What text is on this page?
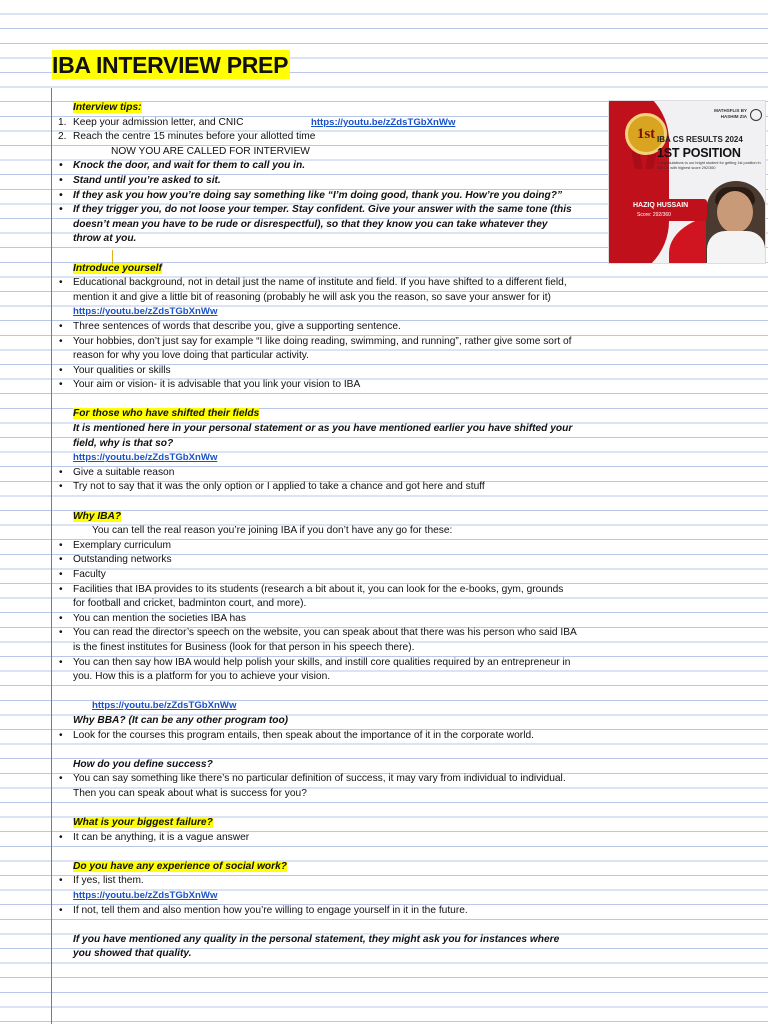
IBA INTERVIEW PREP
1st
MATHSFLIX BY HASHIM ZIA
IBA CS RESULTS 2024
1ST POSITION
Congratulations to our bright student for getting 1st position in IBA CS with highest score 292/360
HAZIQ HUSSAIN
Score: 292/360
Interview tips:
1. Keep your admission letter, and CNIC	https://youtu.be/zZdsTGbXnWw
2. Reach the centre 15 minutes before your allotted time
NOW YOU ARE CALLED FOR INTERVIEW
• Knock the door, and wait for them to call you in.
• Stand until you’re asked to sit.
• If they ask you how you’re doing say something like “I’m doing good, thank you. How’re you doing?”
• If they trigger you, do not loose your temper. Stay confident. Give your answer with the same tone (this doesn’t mean you have to be rude or disrespectful), so that they know you can take whatever they throw at you.
Introduce yourself
• Educational background, not in detail just the name of institute and field. If you have shifted to a different field, mention it and give a little bit of reasoning (probably he will ask you the reason, so save your answer for it)
https://youtu.be/zZdsTGbXnWw
• Three sentences of words that describe you, give a supporting sentence.
• Your hobbies, don’t just say for example “I like doing reading, swimming, and running”, rather give some sort of reason for why you love doing that particular activity.
• Your qualities or skills
• Your aim or vision- it is advisable that you link your vision to IBA
For those who have shifted their fields
It is mentioned here in your personal statement or as you have mentioned earlier you have shifted your field, why is that so?
https://youtu.be/zZdsTGbXnWw
• Give a suitable reason
• Try not to say that it was the only option or I applied to take a chance and got here and stuff
Why IBA?
You can tell the real reason you’re joining IBA if you don’t have any go for these:
• Exemplary curriculum
• Outstanding networks
• Faculty
• Facilities that IBA provides to its students (research a bit about it, you can look for the e-books, gym, grounds for football and cricket, badminton court, and more).
• You can mention the societies IBA has
• You can read the director’s speech on the website, you can speak about that there was his person who said IBA is the finest institutes for Business (look for that person in his speech there).
• You can then say how IBA would help polish your skills, and instill core qualities required by an entrepreneur in you. How this is a platform for you to achieve your vision.
https://youtu.be/zZdsTGbXnWw
Why BBA? (It can be any other program too)
• Look for the courses this program entails, then speak about the importance of it in the corporate world.
How do you define success?
• You can say something like there’s no particular definition of success, it may vary from individual to individual. Then you can speak about what is success for you?
What is your biggest failure?
• It can be anything, it is a vague answer
Do you have any experience of social work?
• If yes, list them.
https://youtu.be/zZdsTGbXnWw
• If not, tell them and also mention how you’re willing to engage yourself in it in the future.
If you have mentioned any quality in the personal statement, they might ask you for instances where you showed that quality.
